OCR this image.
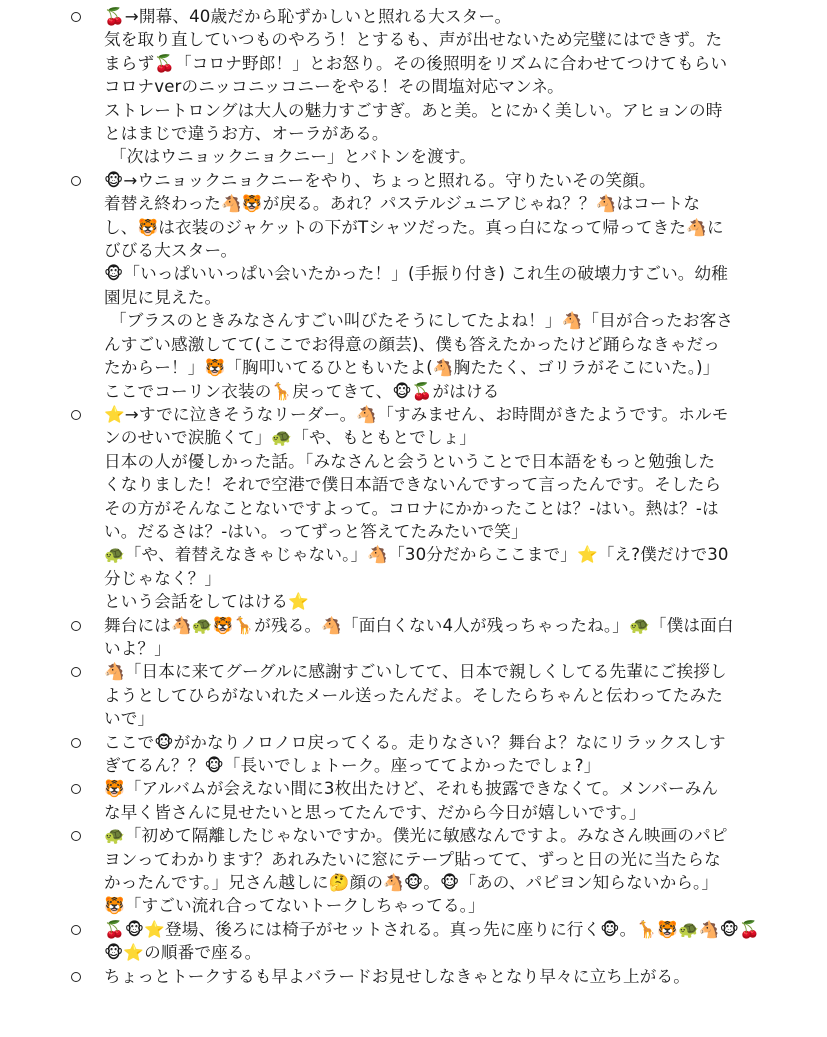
🍒→開幕、40歳だから恥ずかしいと照れる大スター。
気を取り直していつものやろう！とするも、声が出せないため完璧にはできず。た
まらず🍒「コロナ野郎！」とお怒り。その後照明をリズムに合わせてつけてもらい
コロナverのニッコニッコニーをやる！その間塩対応マンネ。
ストレートロングは大人の魅力すごすぎ。あと美。とにかく美しい。アヒョンの時
とはまじで違うお方、オーラがある。
「次はウニョックニョクニー」とバトンを渡す。
🐵→ウニョックニョクニーをやり、ちょっと照れる。守りたいその笑顔。
着替え終わった🐴🐯が戻る。あれ？パステルジュニアじゃね？？🐴はコートな
し、🐯は衣装のジャケットの下がTシャツだった。真っ白になって帰ってきた🐴に
びびる大スター。
🐵「いっぱいいっぱい会いたかった！」(手振り付き) これ生の破壊力すごい。幼稚
園児に見えた。
「ブラスのときみなさんすごい叫びたそうにしてたよね！」🐴「目が合ったお客さ
んすごい感激してて(ここでお得意の顔芸)、僕も答えたかったけど踊らなきゃだっ
たからー！」🐯「胸叩いてるひともいたよ(🐴胸たたく、ゴリラがそこにいた。)」
ここでコーリン衣装の🦒戻ってきて、🐵🍒がはける
⭐→すでに泣きそうなリーダー。🐴「すみません、お時間がきたようです。ホルモ
ンのせいで涙脆くて」🐢「や、もともとでしょ」
日本の人が優しかった話。「みなさんと会うということで日本語をもっと勉強した
くなりました！それで空港で僕日本語できないんですって言ったんです。そしたら
その方がそんなことないですよって。コロナにかかったことは？-はい。熱は？-は
い。だるさは？-はい。ってずっと答えてたみたいで笑」
🐢「や、着替えなきゃじゃない。」🐴「30分だからここまで」⭐「え?僕だけで30
分じゃなく？」
という会話をしてはける⭐
舞台には🐴🐢🐯🦒が残る。🐴「面白くない4人が残っちゃったね。」🐢「僕は面白
いよ？」
🐴「日本に来てグーグルに感謝すごいしてて、日本で親しくしてる先輩にご挨拶し
ようとしてひらがないれたメール送ったんだよ。そしたらちゃんと伝わってたみた
いで」
ここで🐵がかなりノロノロ戻ってくる。走りなさい？舞台よ？なにリラックスしす
ぎてるん？？🐵「長いでしょトーク。座っててよかったでしょ?」
🐯「アルバムが会えない間に3枚出たけど、それも披露できなくて。メンバーみん
な早く皆さんに見せたいと思ってたんです、だから今日が嬉しいです。」
🐢「初めて隔離したじゃないですか。僕光に敏感なんですよ。みなさん映画のパピ
ヨンってわかります？あれみたいに窓にテープ貼ってて、ずっと日の光に当たらな
かったんです。」兄さん越しに🤔顔の🐴🐵。🐵「あの、パピヨン知らないから。」
🐯「すごい流れ合ってないトークしちゃってる。」
🍒🐵⭐登場、後ろには椅子がセットされる。真っ先に座りに行く🐵。🦒🐯🐢🐴🐵🍒
🐵⭐の順番で座る。
ちょっとトークするも早よバラードお見せしなきゃとなり早々に立ち上がる。
